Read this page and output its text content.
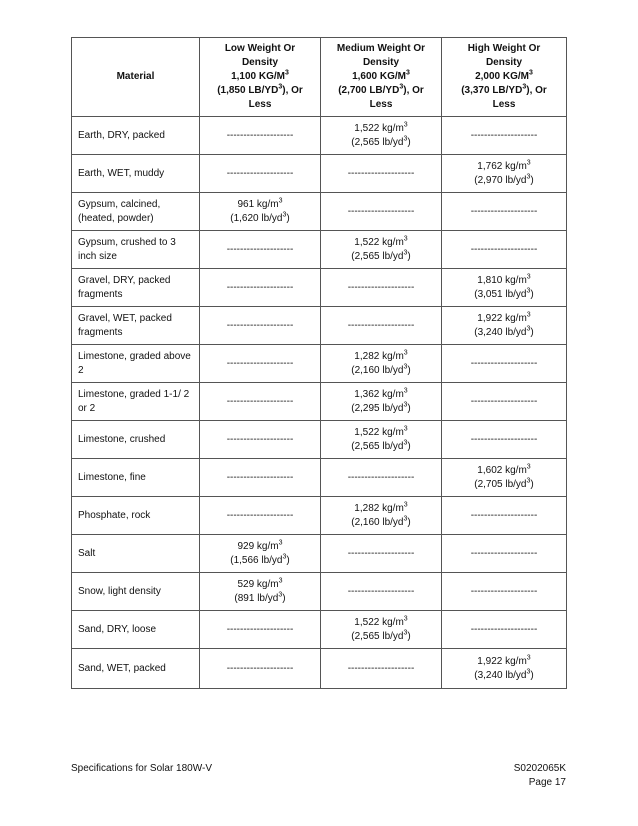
Material	Low Weight Or
Density
1,100 $KG/M^3$
(1,850 $LB/YD^3$), Or
Less	Medium Weight Or
Density
1,600 $KG/M^3$
(2,700 $LB/YD^3$), Or
Less	High Weight Or
Density
2,000 $KG/M^3$
(3,370 $LB/YD^3$), Or
Less
Earth, DRY, packed	--------------------	1,522 $kg/m^3$
(2,565 $lb/yd^3$)	--------------------
Earth, WET, muddy	--------------------	--------------------	1,762 $kg/m^3$
(2,970 $lb/yd^3$)

Gypsum, calcined, (heated, powder)	961 $kg/m^3$
(1,620 $lb/yd^3$)	--------------------	--------------------
Gypsum, crushed to 3 inch size	--------------------	1,522 $kg/m^3$
(2,565 $lb/yd^3$)	--------------------
Gravel, DRY, packed fragments	--------------------	--------------------	1,810 $kg/m^3$
(3,051 $lb/yd^3$)

Gravel, WET, packed fragments	--------------------	--------------------	1,922 $kg/m^3$
(3,240 $lb/yd^3$)

Limestone, graded above 2	--------------------	1,282 $kg/m^3$
(2,160 $lb/yd^3$)	--------------------
Limestone, graded 1-1/ 2 or 2	--------------------	1,362 $kg/m^3$
(2,295 $lb/yd^3$)	--------------------
Limestone, crushed	--------------------	1,522 $kg/m^3$
(2,565 $lb/yd^3$)	--------------------
Limestone, fine	--------------------	--------------------	1,602 $kg/m^3$
(2,705 $lb/yd^3$)

Phosphate, rock	--------------------	1,282 $kg/m^3$
(2,160 $lb/yd^3$)	--------------------
Salt	929 $kg/m^3$
(1,566 $lb/yd^3$)	--------------------	--------------------
Snow, light density	529 $kg/m^3$
(891 $lb/yd^3$)	--------------------	--------------------
Sand, DRY, loose	--------------------	1,522 $kg/m^3$
(2,565 $lb/yd^3$)	--------------------
Sand, WET, packed	--------------------	--------------------	1,922 $kg/m^3$
(3,240 $lb/yd^3$)
Specifications for Solar 180W-V	S0202065K
Page 17
